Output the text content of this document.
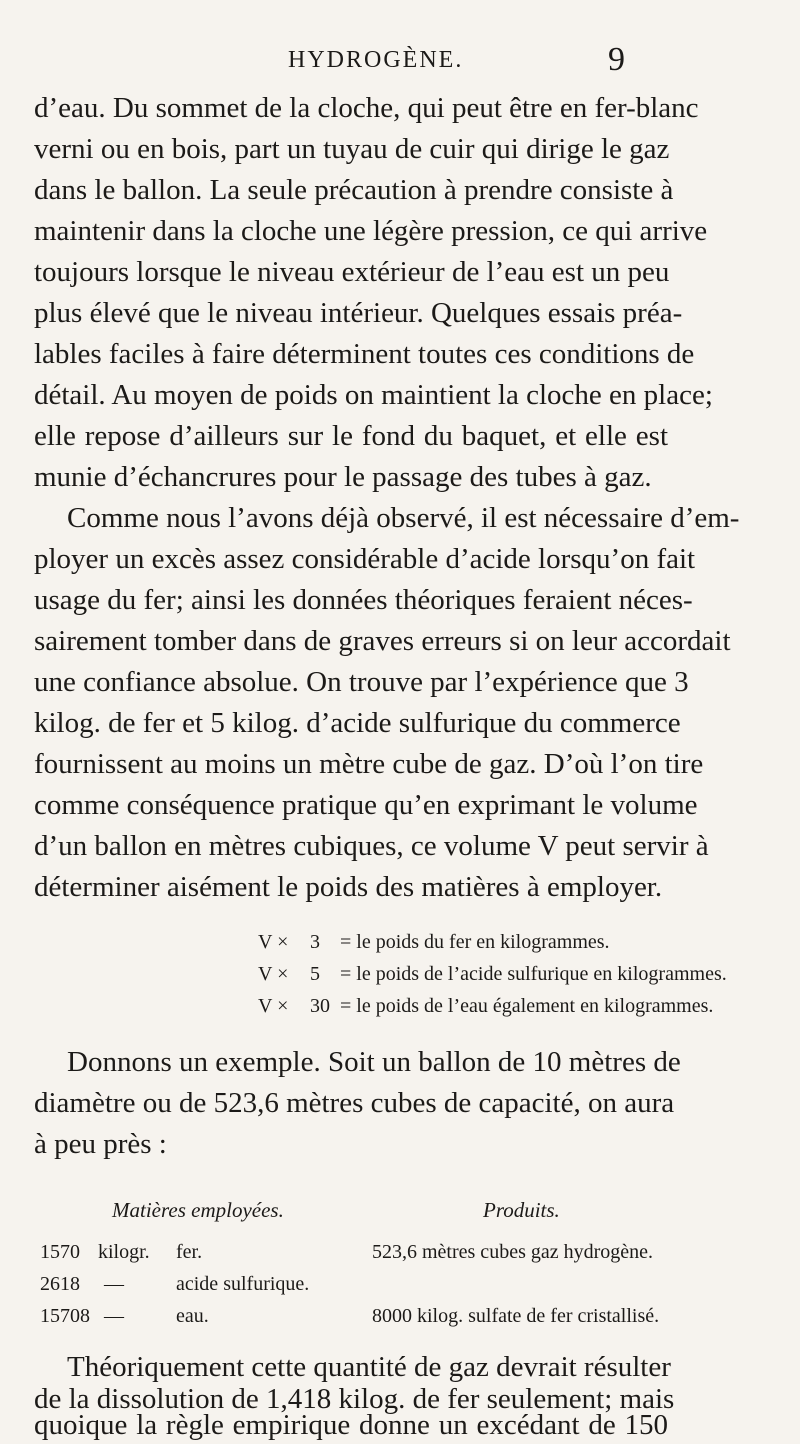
HYDROGÈNE.	9
d’eau. Du sommet de la cloche, qui peut être en fer-blanc
verni ou en bois, part un tuyau de cuir qui dirige le gaz
dans le ballon. La seule précaution à prendre consiste à
maintenir dans la cloche une légère pression, ce qui arrive
toujours lorsque le niveau extérieur de l’eau est un peu
plus élevé que le niveau intérieur. Quelques essais préa-
lables faciles à faire déterminent toutes ces conditions de
détail. Au moyen de poids on maintient la cloche en place;
elle repose d’ailleurs sur le fond du baquet, et elle est
munie d’échancrures pour le passage des tubes à gaz.
Comme nous l’avons déjà observé, il est nécessaire d’em-
ployer un excès assez considérable d’acide lorsqu’on fait
usage du fer; ainsi les données théoriques feraient néces-
sairement tomber dans de graves erreurs si on leur accordait
une confiance absolue. On trouve par l’expérience que 3
kilog. de fer et 5 kilog. d’acide sulfurique du commerce
fournissent au moins un mètre cube de gaz. D’où l’on tire
comme conséquence pratique qu’en exprimant le volume
d’un ballon en mètres cubiques, ce volume V peut servir à
déterminer aisément le poids des matières à employer.
V × 3 = le poids du fer en kilogrammes.
V × 5 = le poids de l’acide sulfurique en kilogrammes.
V × 30 = le poids de l’eau également en kilogrammes.
Donnons un exemple. Soit un ballon de 10 mètres de
diamètre ou de 523,6 mètres cubes de capacité, on aura
à peu près :
Matières employées.	Produits.
1570 kilogr. fer.	523,6 mètres cubes gaz hydrogène.
2618 —	acide sulfurique.
15708 —	eau.	8000 kilog. sulfate de fer cristallisé.
Théoriquement cette quantité de gaz devrait résulter
de la dissolution de 1,418 kilog. de fer seulement; mais
quoique la règle empirique donne un excédant de 150
